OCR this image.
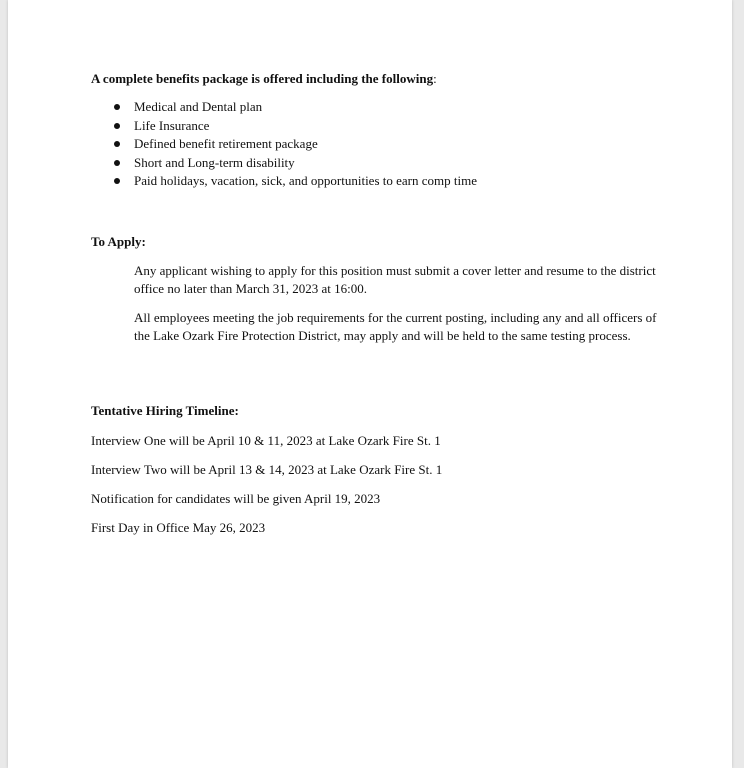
A complete benefits package is offered including the following:
Medical and Dental plan
Life Insurance
Defined benefit retirement package
Short and Long-term disability
Paid holidays, vacation, sick, and opportunities to earn comp time
To Apply:

Any applicant wishing to apply for this position must submit a cover letter and resume to the district office no later than March 31, 2023 at 16:00.

All employees meeting the job requirements for the current posting, including any and all officers of the Lake Ozark Fire Protection District, may apply and will be held to the same testing process.

Tentative Hiring Timeline:
Interview One will be April 10 & 11, 2023 at Lake Ozark Fire St. 1
Interview Two will be April 13 & 14, 2023 at Lake Ozark Fire St. 1
Notification for candidates will be given April 19, 2023
First Day in Office May 26, 2023
